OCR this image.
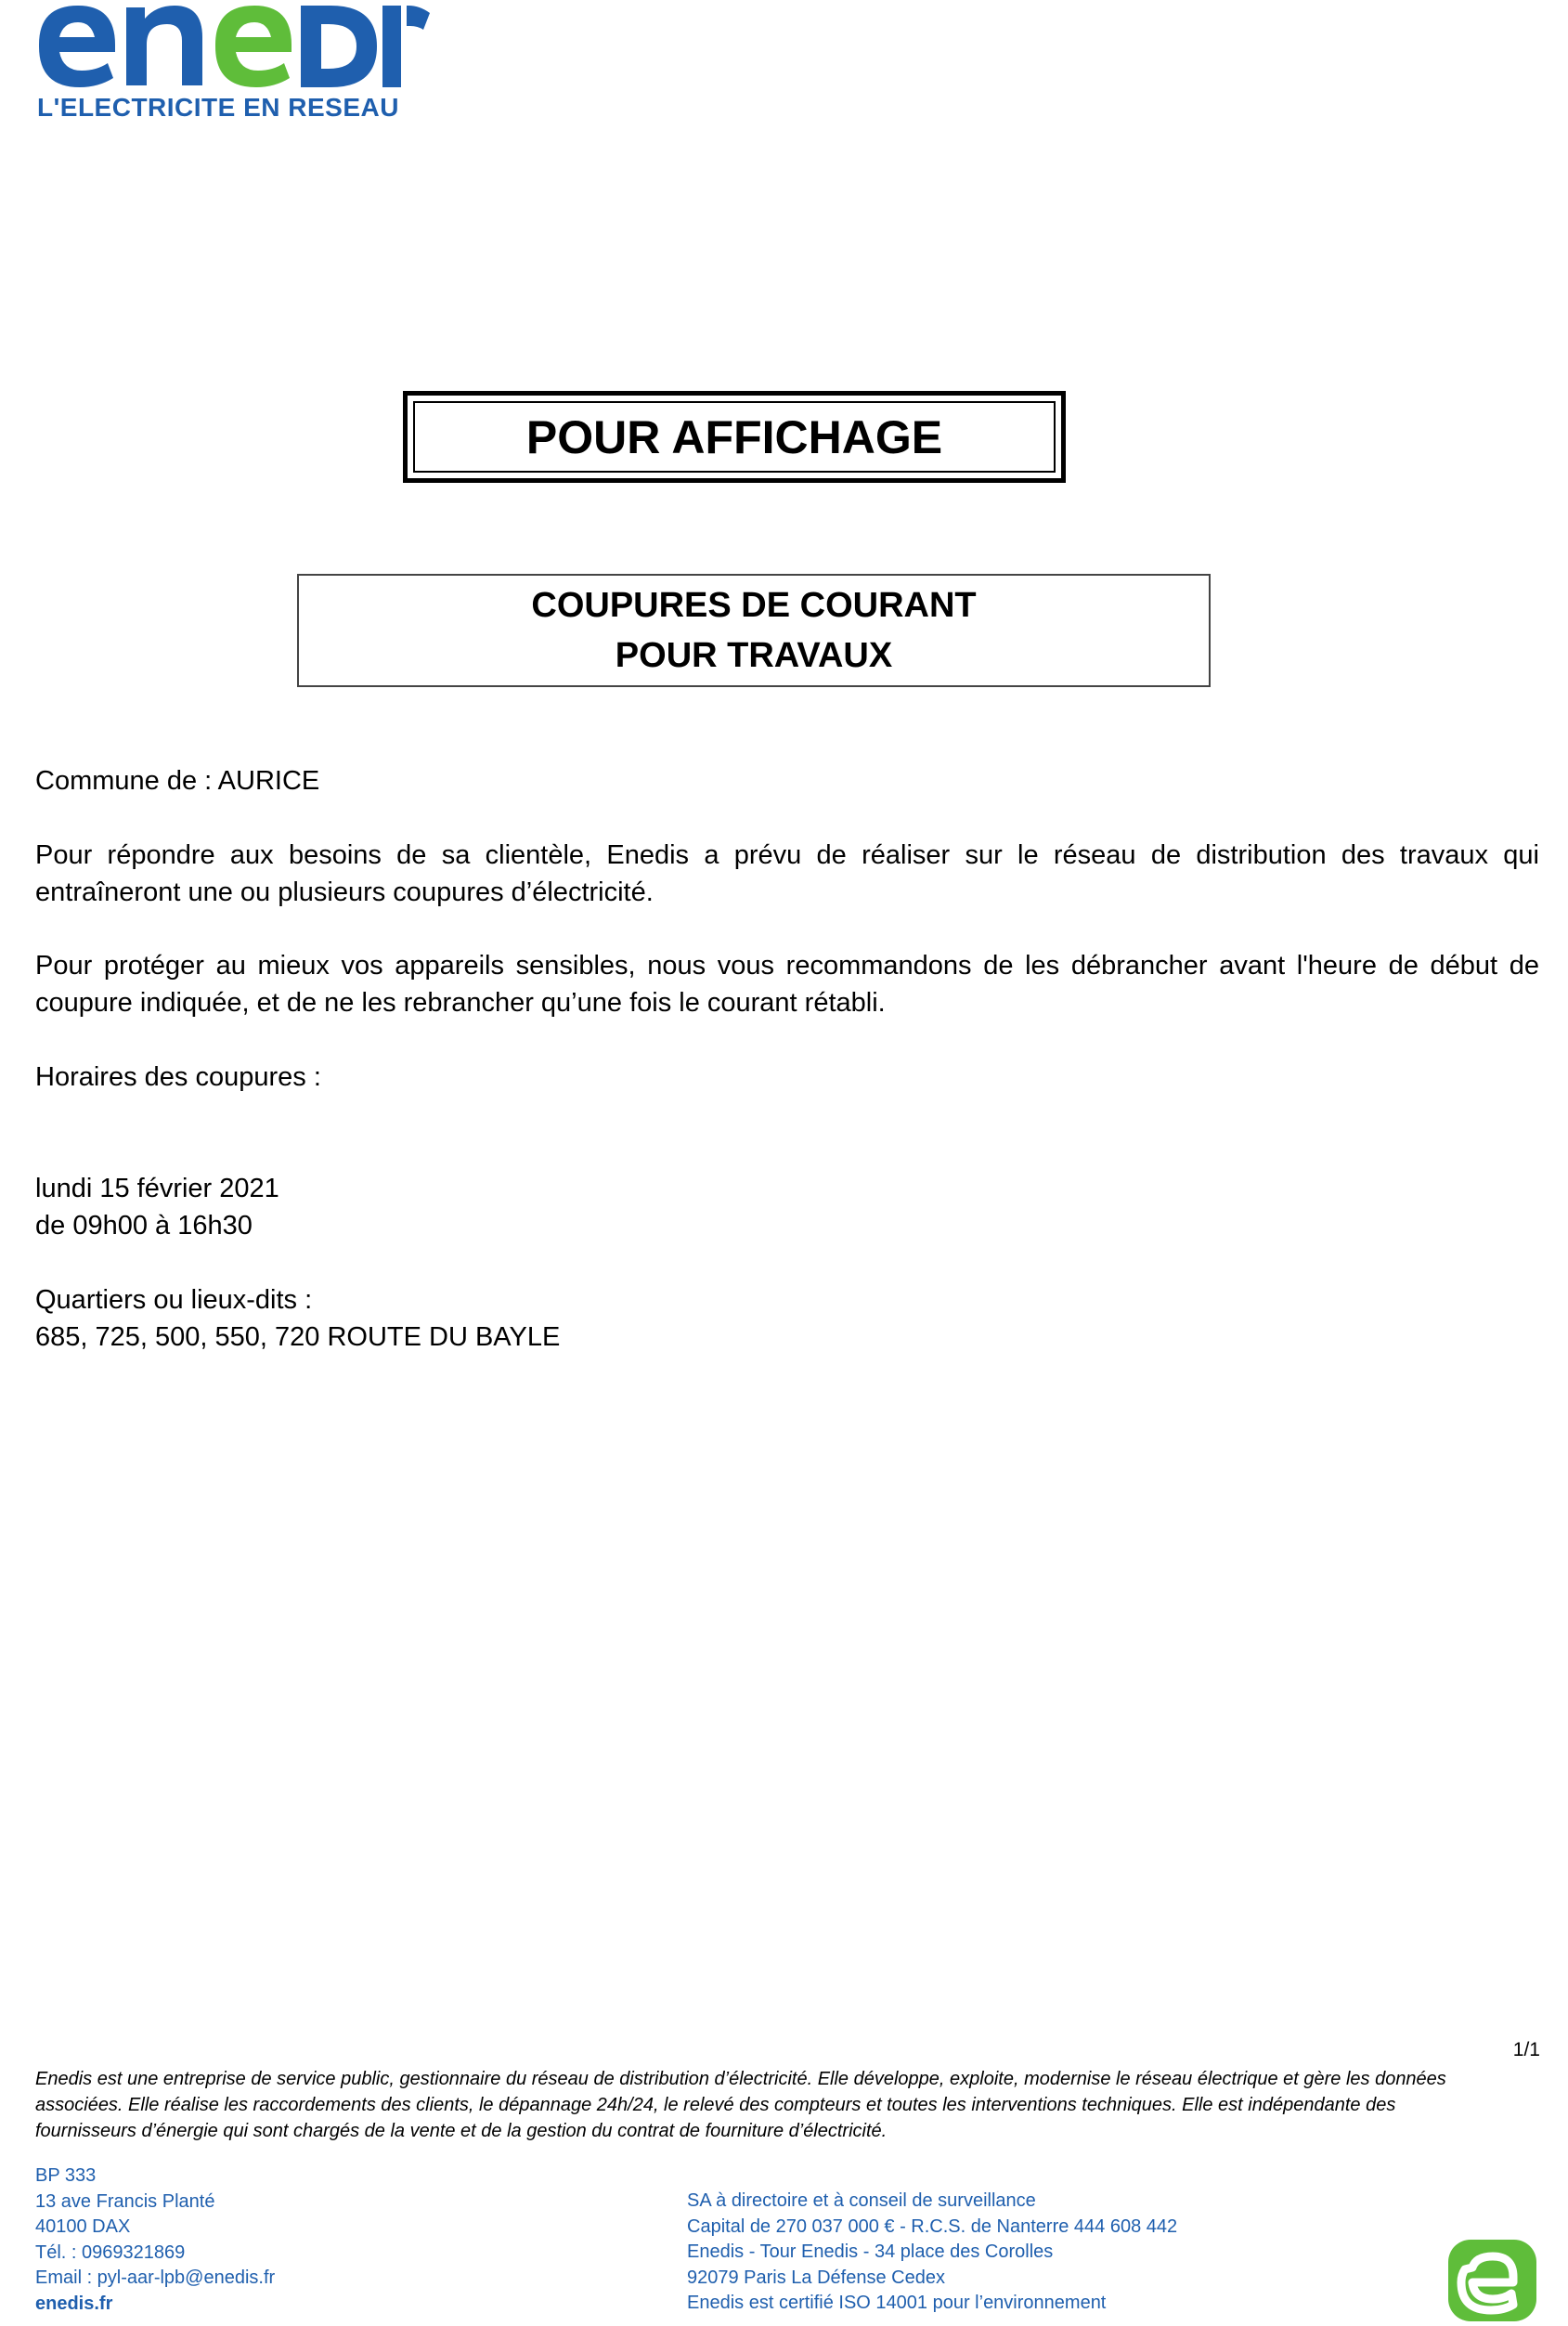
L'ELECTRICITE EN RESEAU
POUR AFFICHAGE
COUPURES DE COURANT
POUR TRAVAUX
Commune de : AURICE
Pour répondre aux besoins de sa clientèle, Enedis a prévu de réaliser sur le réseau de distribution des travaux qui
entraîneront une ou plusieurs coupures d’électricité.
Pour protéger au mieux vos appareils sensibles, nous vous recommandons de les débrancher avant l'heure de début de
coupure indiquée, et de ne les rebrancher qu’une fois le courant rétabli.
Horaires des coupures :
lundi 15 février 2021
de 09h00 à 16h30
Quartiers ou lieux-dits :
685, 725, 500, 550, 720 ROUTE DU BAYLE
1/1
Enedis est une entreprise de service public, gestionnaire du réseau de distribution d’électricité. Elle développe, exploite, modernise le réseau électrique et gère les données
associées. Elle réalise les raccordements des clients, le dépannage 24h/24, le relevé des compteurs et toutes les interventions techniques. Elle est indépendante des
fournisseurs d’énergie qui sont chargés de la vente et de la gestion du contrat de fourniture d’électricité.
BP 333
13 ave Francis Planté
40100 DAX
Tél. : 0969321869
Email : pyl-aar-lpb@enedis.fr
enedis.fr
SA à directoire et à conseil de surveillance
Capital de 270 037 000 € - R.C.S. de Nanterre 444 608 442
Enedis - Tour Enedis - 34 place des Corolles
92079 Paris La Défense Cedex
Enedis est certifié ISO 14001 pour l’environnement
